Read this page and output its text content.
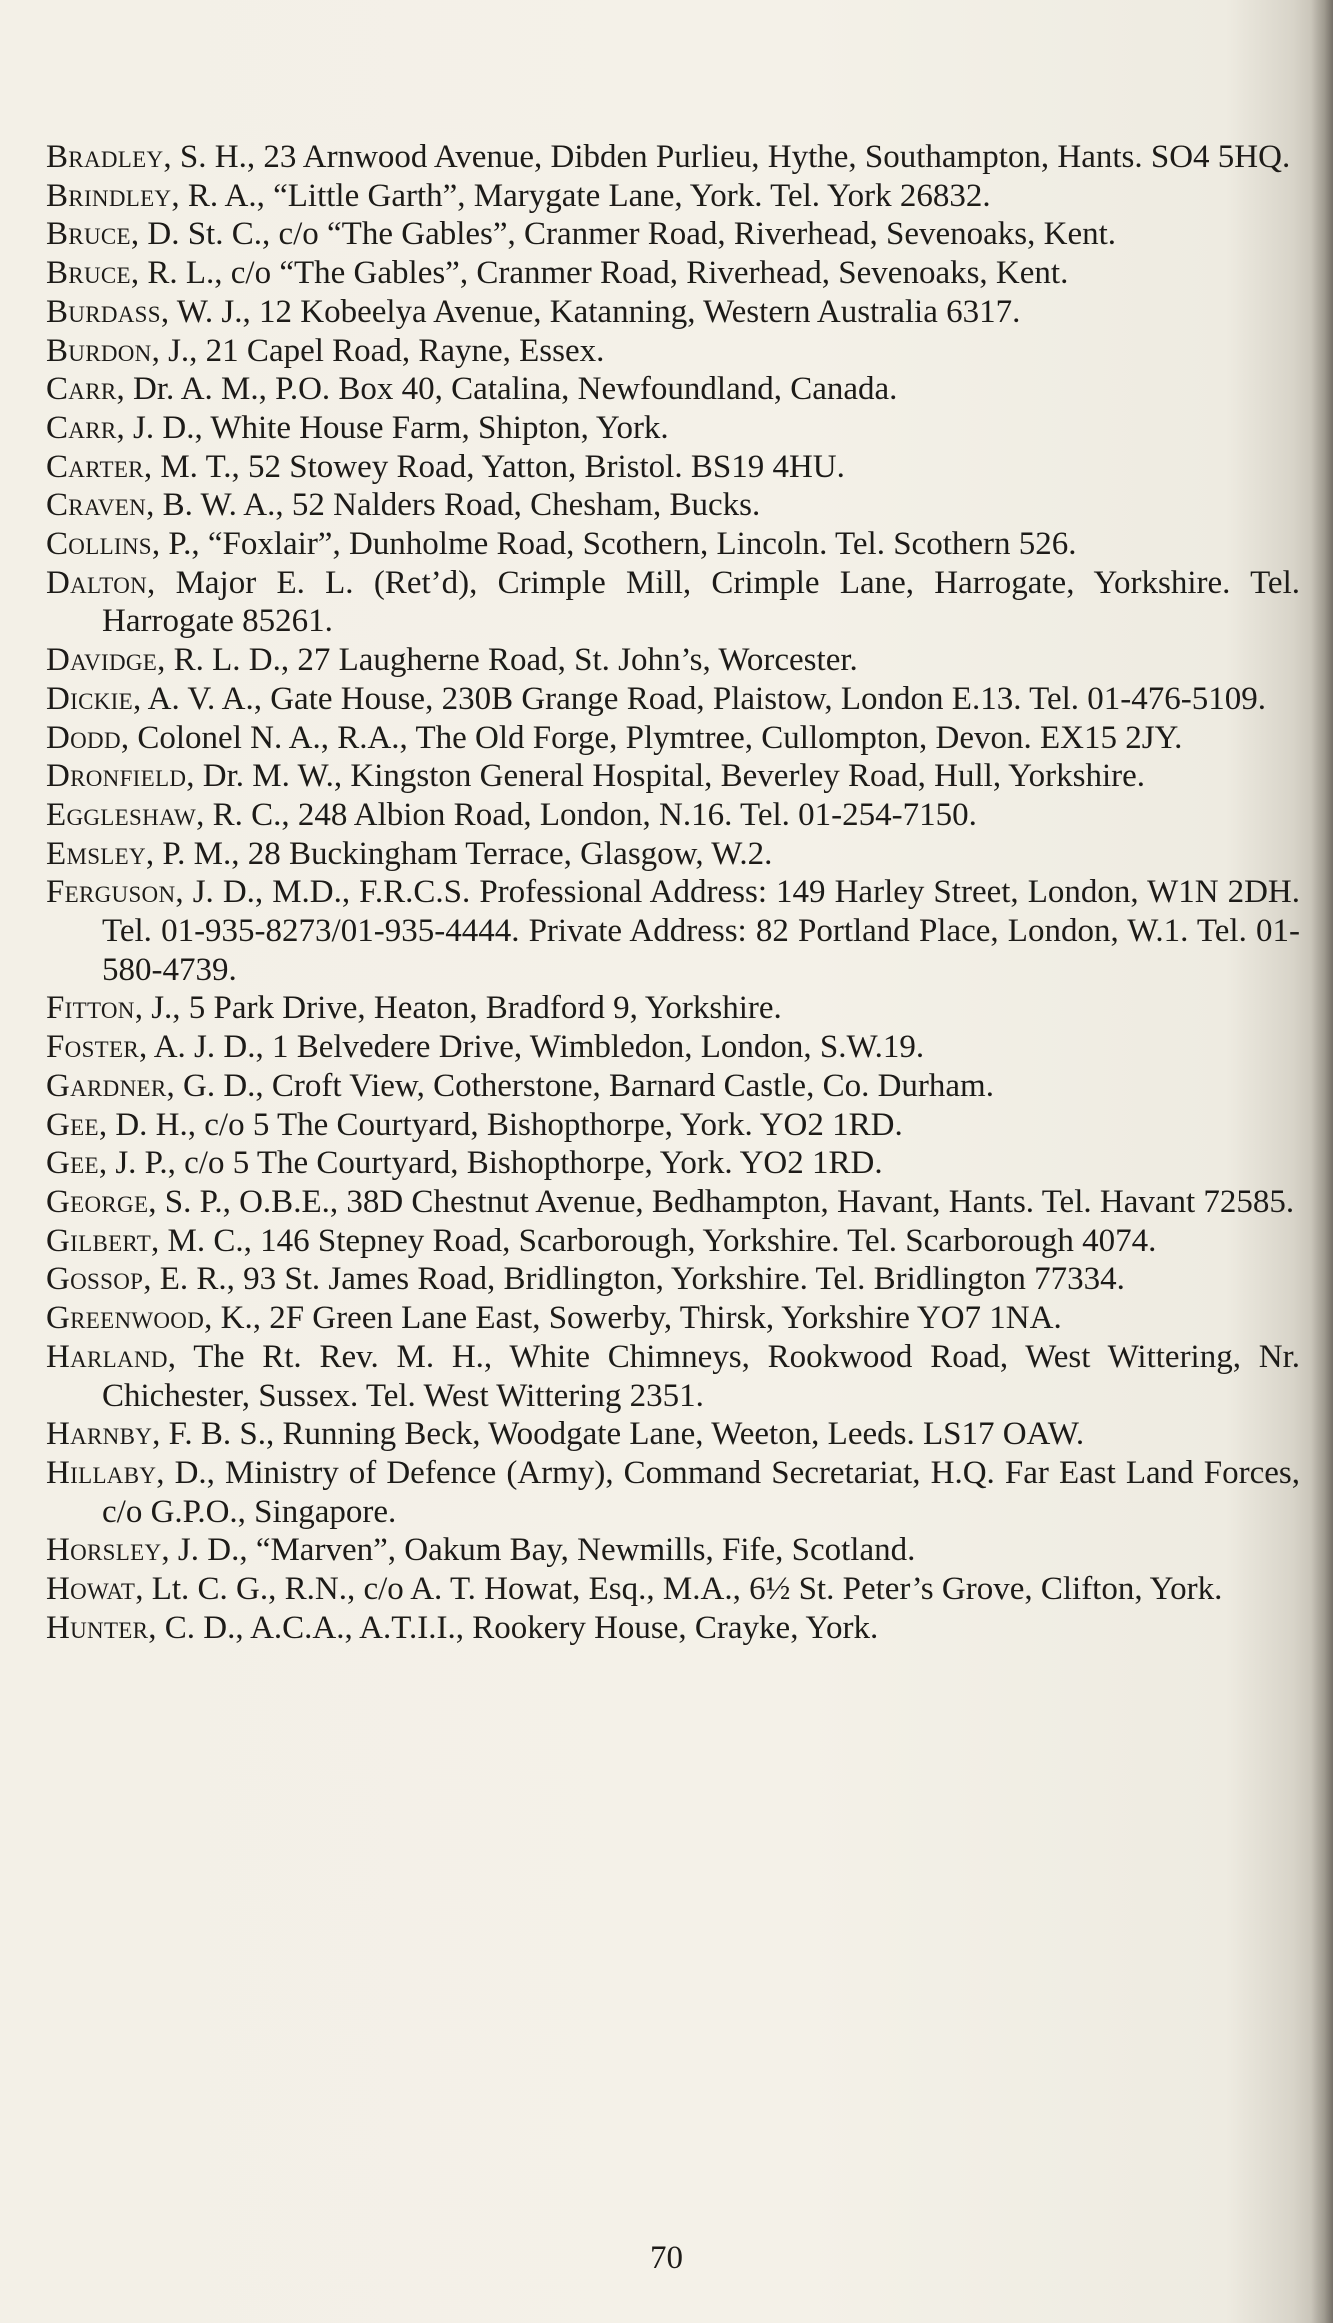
Bradley, S. H., 23 Arnwood Avenue, Dibden Purlieu, Hythe, Southampton, Hants. SO4 5HQ.

Brindley, R. A., “Little Garth”, Marygate Lane, York. Tel. York 26832.

Bruce, D. St. C., c/o “The Gables”, Cranmer Road, Riverhead, Sevenoaks, Kent.

Bruce, R. L., c/o “The Gables”, Cranmer Road, Riverhead, Sevenoaks, Kent.

Burdass, W. J., 12 Kobeelya Avenue, Katanning, Western Australia 6317.

Burdon, J., 21 Capel Road, Rayne, Essex.

Carr, Dr. A. M., P.O. Box 40, Catalina, Newfoundland, Canada.

Carr, J. D., White House Farm, Shipton, York.

Carter, M. T., 52 Stowey Road, Yatton, Bristol. BS19 4HU.

Craven, B. W. A., 52 Nalders Road, Chesham, Bucks.

Collins, P., “Foxlair”, Dunholme Road, Scothern, Lincoln. Tel. Scothern 526.

Dalton, Major E. L. (Ret’d), Crimple Mill, Crimple Lane, Harrogate, Yorkshire. Tel. Harrogate 85261.

Davidge, R. L. D., 27 Laugherne Road, St. John’s, Worcester.

Dickie, A. V. A., Gate House, 230B Grange Road, Plaistow, London E.13. Tel. 01-476-5109.

Dodd, Colonel N. A., R.A., The Old Forge, Plymtree, Cullompton, Devon. EX15 2JY.

Dronfield, Dr. M. W., Kingston General Hospital, Beverley Road, Hull, Yorkshire.

Eggleshaw, R. C., 248 Albion Road, London, N.16. Tel. 01-254-7150.

Emsley, P. M., 28 Buckingham Terrace, Glasgow, W.2.

Ferguson, J. D., M.D., F.R.C.S. Professional Address: 149 Harley Street, London, W1N 2DH. Tel. 01-935-8273/01-935-4444. Private Address: 82 Portland Place, London, W.1. Tel. 01-580-4739.

Fitton, J., 5 Park Drive, Heaton, Bradford 9, Yorkshire.

Foster, A. J. D., 1 Belvedere Drive, Wimbledon, London, S.W.19.

Gardner, G. D., Croft View, Cotherstone, Barnard Castle, Co. Durham.

Gee, D. H., c/o 5 The Courtyard, Bishopthorpe, York. YO2 1RD.

Gee, J. P., c/o 5 The Courtyard, Bishopthorpe, York. YO2 1RD.

George, S. P., O.B.E., 38D Chestnut Avenue, Bedhampton, Havant, Hants. Tel. Havant 72585.

Gilbert, M. C., 146 Stepney Road, Scarborough, Yorkshire. Tel. Scarborough 4074.

Gossop, E. R., 93 St. James Road, Bridlington, Yorkshire. Tel. Bridlington 77334.

Greenwood, K., 2F Green Lane East, Sowerby, Thirsk, Yorkshire YO7 1NA.

Harland, The Rt. Rev. M. H., White Chimneys, Rookwood Road, West Wittering, Nr. Chichester, Sussex. Tel. West Wittering 2351.

Harnby, F. B. S., Running Beck, Woodgate Lane, Weeton, Leeds. LS17 OAW.

Hillaby, D., Ministry of Defence (Army), Command Secretariat, H.Q. Far East Land Forces, c/o G.P.O., Singapore.

Horsley, J. D., “Marven”, Oakum Bay, Newmills, Fife, Scotland.

Howat, Lt. C. G., R.N., c/o A. T. Howat, Esq., M.A., 6½ St. Peter’s Grove, Clifton, York.

Hunter, C. D., A.C.A., A.T.I.I., Rookery House, Crayke, York.

70
